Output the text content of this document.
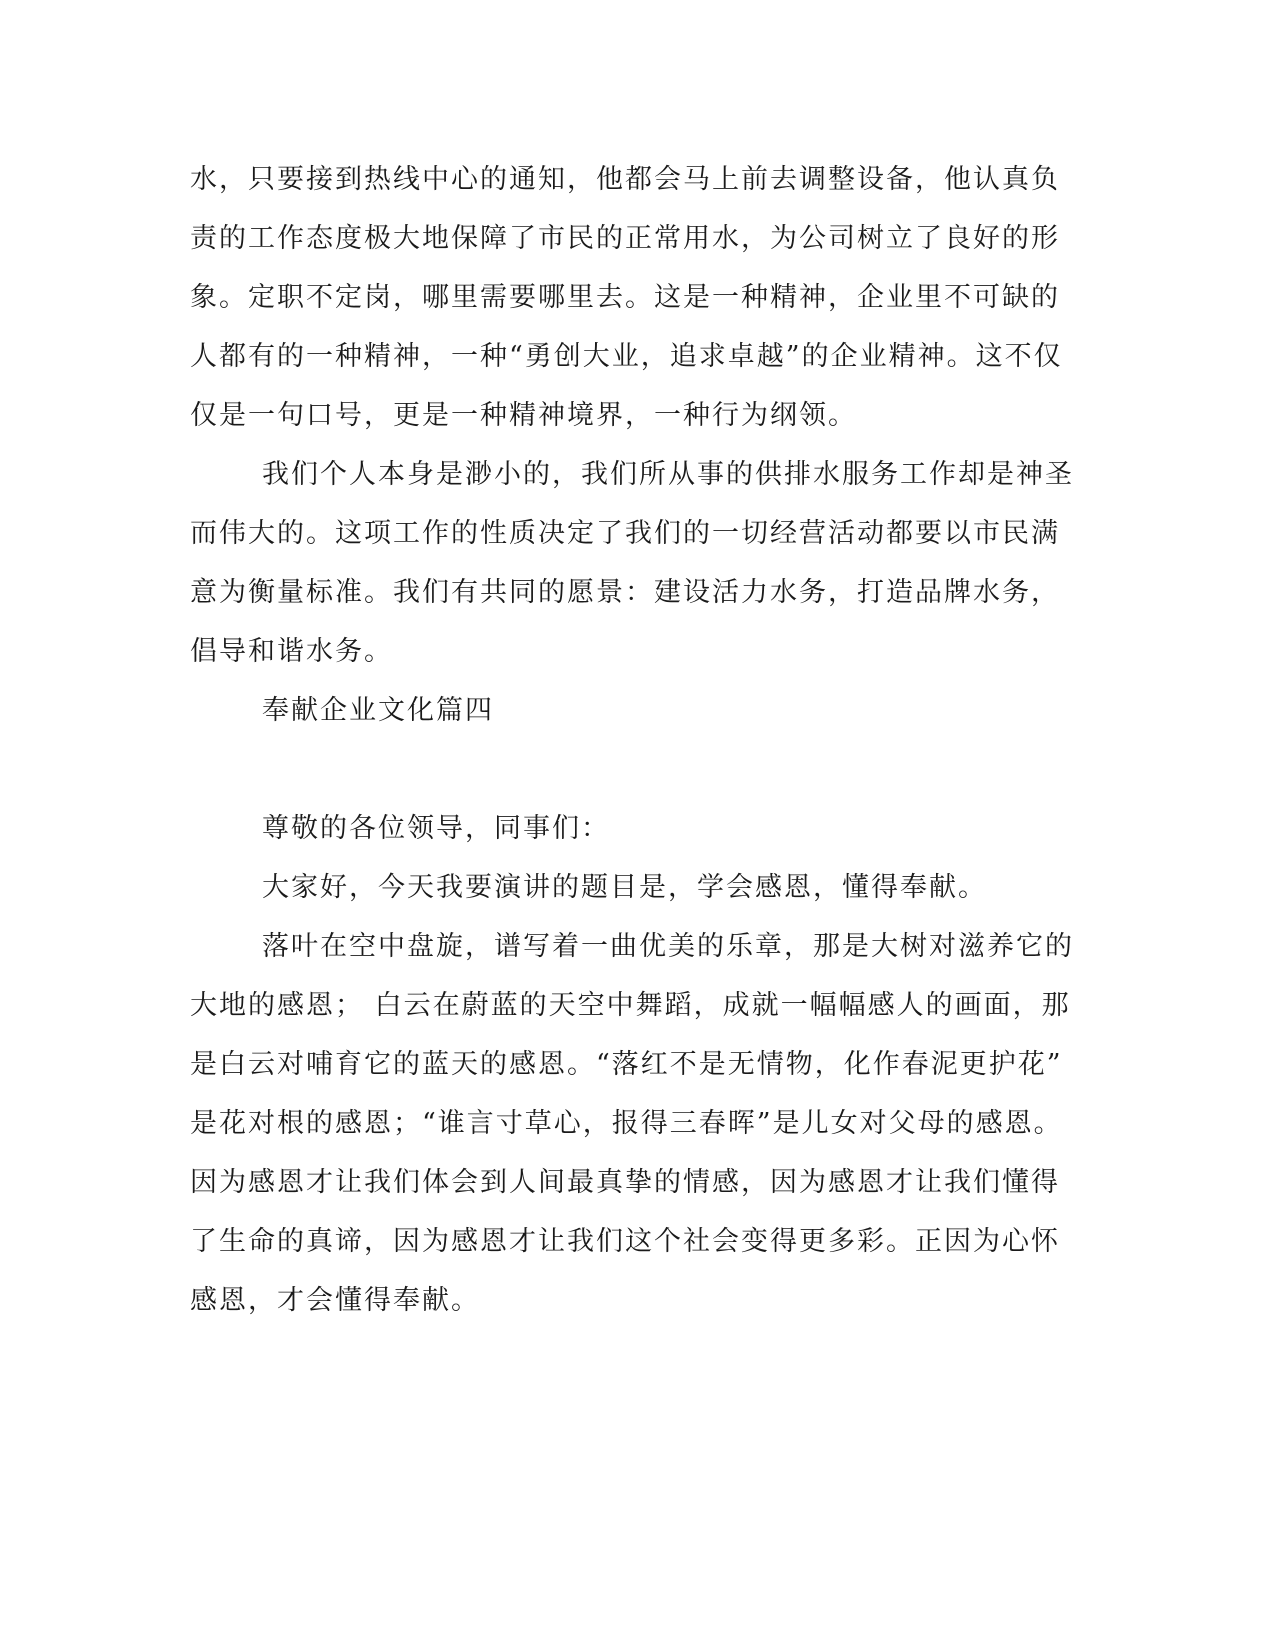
水，只要接到热线中心的通知，他都会马上前去调整设备，他认真负
责的工作态度极大地保障了市民的正常用水，为公司树立了良好的形
象。定职不定岗，哪里需要哪里去。这是一种精神，企业里不可缺的
人都有的一种精神，一种“勇创大业，追求卓越”的企业精神。这不仅
仅是一句口号，更是一种精神境界，一种行为纲领。
我们个人本身是渺小的，我们所从事的供排水服务工作却是神圣
而伟大的。这项工作的性质决定了我们的一切经营活动都要以市民满
意为衡量标准。我们有共同的愿景：建设活力水务，打造品牌水务，
倡导和谐水务。
奉献企业文化篇四
尊敬的各位领导，同事们：
大家好，今天我要演讲的题目是，学会感恩，懂得奉献。
落叶在空中盘旋，谱写着一曲优美的乐章，那是大树对滋养它的
大地的感恩； 白云在蔚蓝的天空中舞蹈，成就一幅幅感人的画面，那
是白云对哺育它的蓝天的感恩。“落红不是无情物，化作春泥更护花”
是花对根的感恩；“谁言寸草心，报得三春晖”是儿女对父母的感恩。
因为感恩才让我们体会到人间最真挚的情感，因为感恩才让我们懂得
了生命的真谛，因为感恩才让我们这个社会变得更多彩。正因为心怀
感恩，才会懂得奉献。
